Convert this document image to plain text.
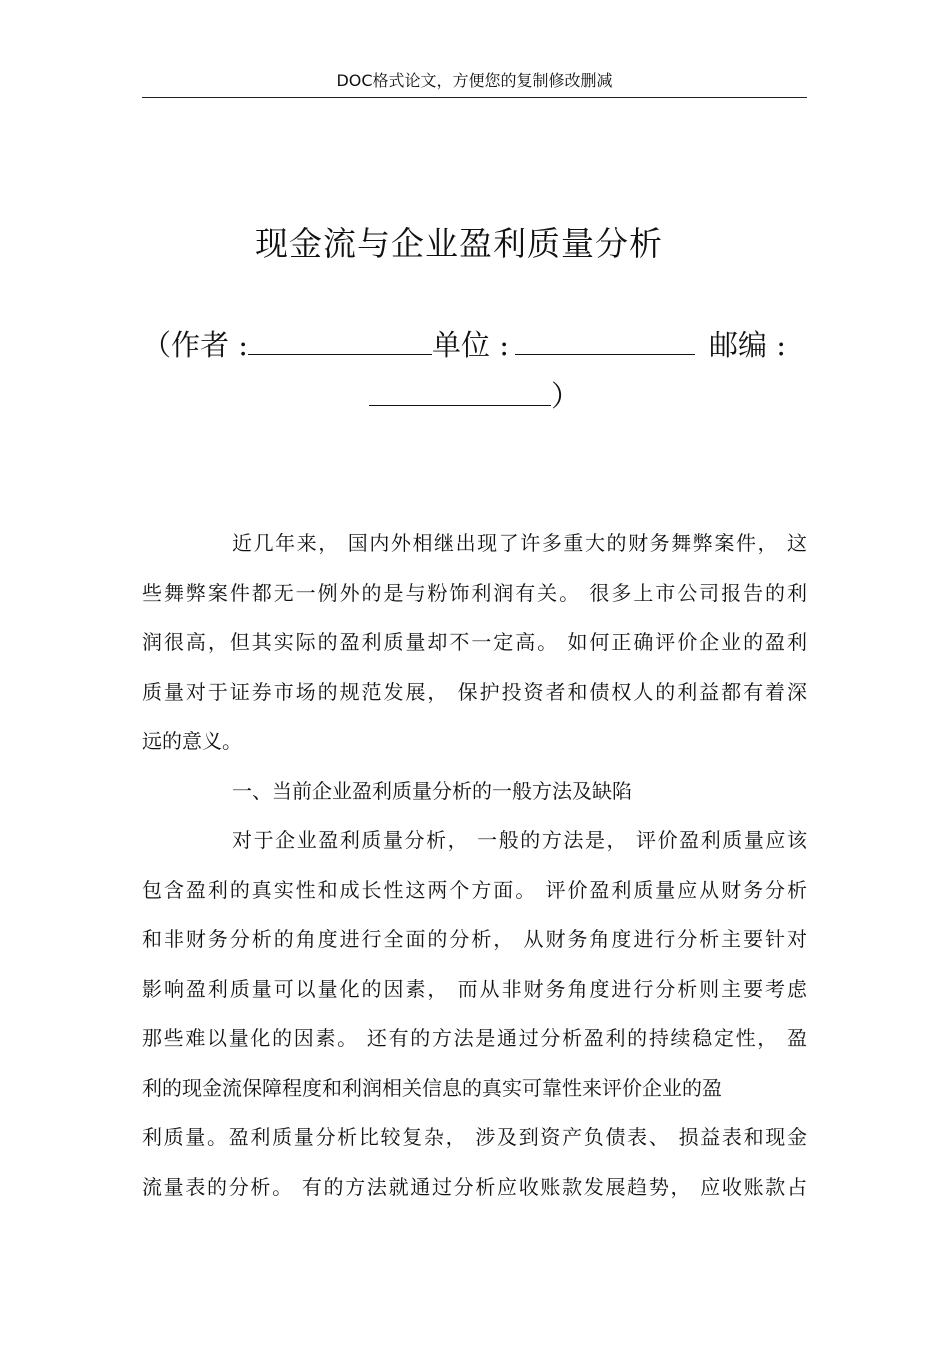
DOC格式论文，方便您的复制修改删减
现金流与企业盈利质量分析
（作者 :	单位 :	邮编 :
）
近几年来， 国内外相继出现了许多重大的财务舞弊案件， 这
些舞弊案件都无一例外的是与粉饰利润有关。 很多上市公司报告的利
润很高，但其实际的盈利质量却不一定高。 如何正确评价企业的盈利
质量对于证券市场的规范发展， 保护投资者和债权人的利益都有着深
远的意义。
一、当前企业盈利质量分析的一般方法及缺陷
对于企业盈利质量分析， 一般的方法是， 评价盈利质量应该
包含盈利的真实性和成长性这两个方面。 评价盈利质量应从财务分析
和非财务分析的角度进行全面的分析， 从财务角度进行分析主要针对
影响盈利质量可以量化的因素， 而从非财务角度进行分析则主要考虑
那些难以量化的因素。 还有的方法是通过分析盈利的持续稳定性， 盈
利的现金流保障程度和利润相关信息的真实可靠性来评价企业的盈
利质量。盈利质量分析比较复杂， 涉及到资产负债表、 损益表和现金
流量表的分析。 有的方法就通过分析应收账款发展趋势， 应收账款占
